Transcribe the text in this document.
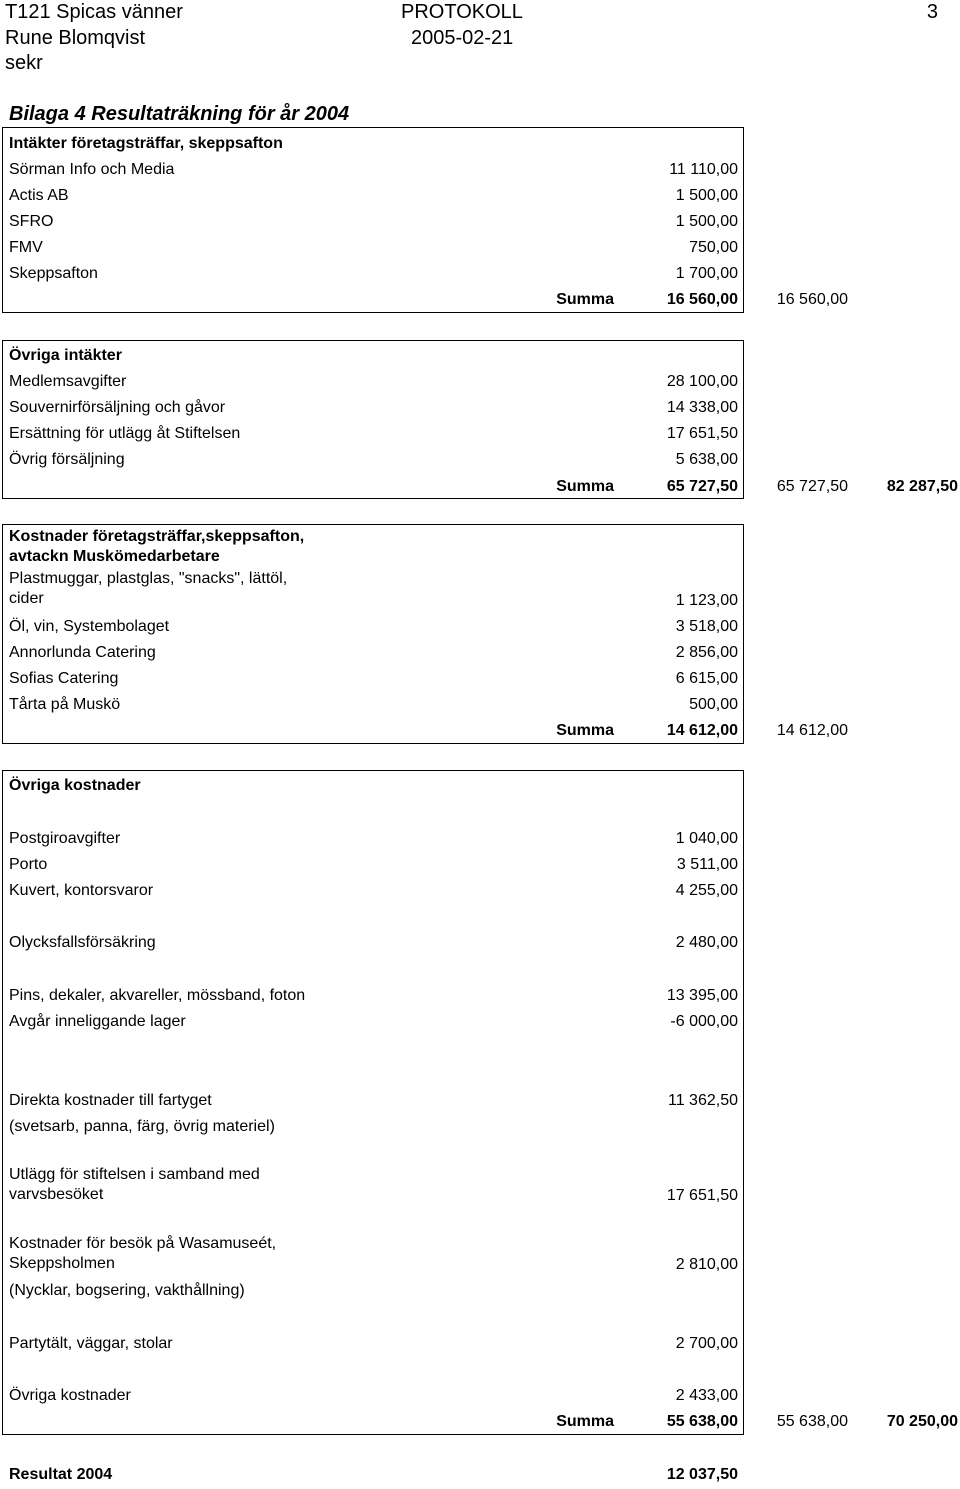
T121 Spicas vänner	PROTOKOLL	3
Rune Blomqvist	2005-02-21
sekr
Bilaga 4 Resultaträkning för år 2004
Intäkter företagsträffar, skeppsafton
Sörman Info och Media	11 110,00
Actis AB	1 500,00
SFRO	1 500,00
FMV	750,00
Skeppsafton	1 700,00
Summa	16 560,00 16 560,00
Övriga intäkter
Medlemsavgifter	28 100,00
Souvernirförsäljning och gåvor	14 338,00
Ersättning för utlägg åt Stiftelsen	17 651,50
Övrig försäljning	5 638,00
Summa	65 727,50 65 727,50 82 287,50
Kostnader företagsträffar,skeppsafton,
avtackn Muskömedarbetare
Plastmuggar, plastglas, "snacks", lättöl,
cider	1 123,00
Öl, vin, Systembolaget	3 518,00
Annorlunda Catering	2 856,00
Sofias Catering	6 615,00
Tårta på Muskö	500,00
Summa	14 612,00 14 612,00
Övriga kostnader
Postgiroavgifter	1 040,00
Porto	3 511,00
Kuvert, kontorsvaror	4 255,00
Olycksfallsförsäkring	2 480,00
Pins, dekaler, akvareller, mössband, foton	13 395,00
Avgår inneliggande lager	-6 000,00
Direkta kostnader till fartyget	11 362,50
(svetsarb, panna, färg, övrig materiel)
Utlägg för stiftelsen i samband med
varvsbesöket	17 651,50
Kostnader för besök på Wasamuseét,
Skeppsholmen	2 810,00
(Nycklar, bogsering, vakthållning)
Partytält, väggar, stolar	2 700,00
Övriga kostnader	2 433,00
Summa	55 638,00 55 638,00 70 250,00
Resultat 2004	12 037,50
